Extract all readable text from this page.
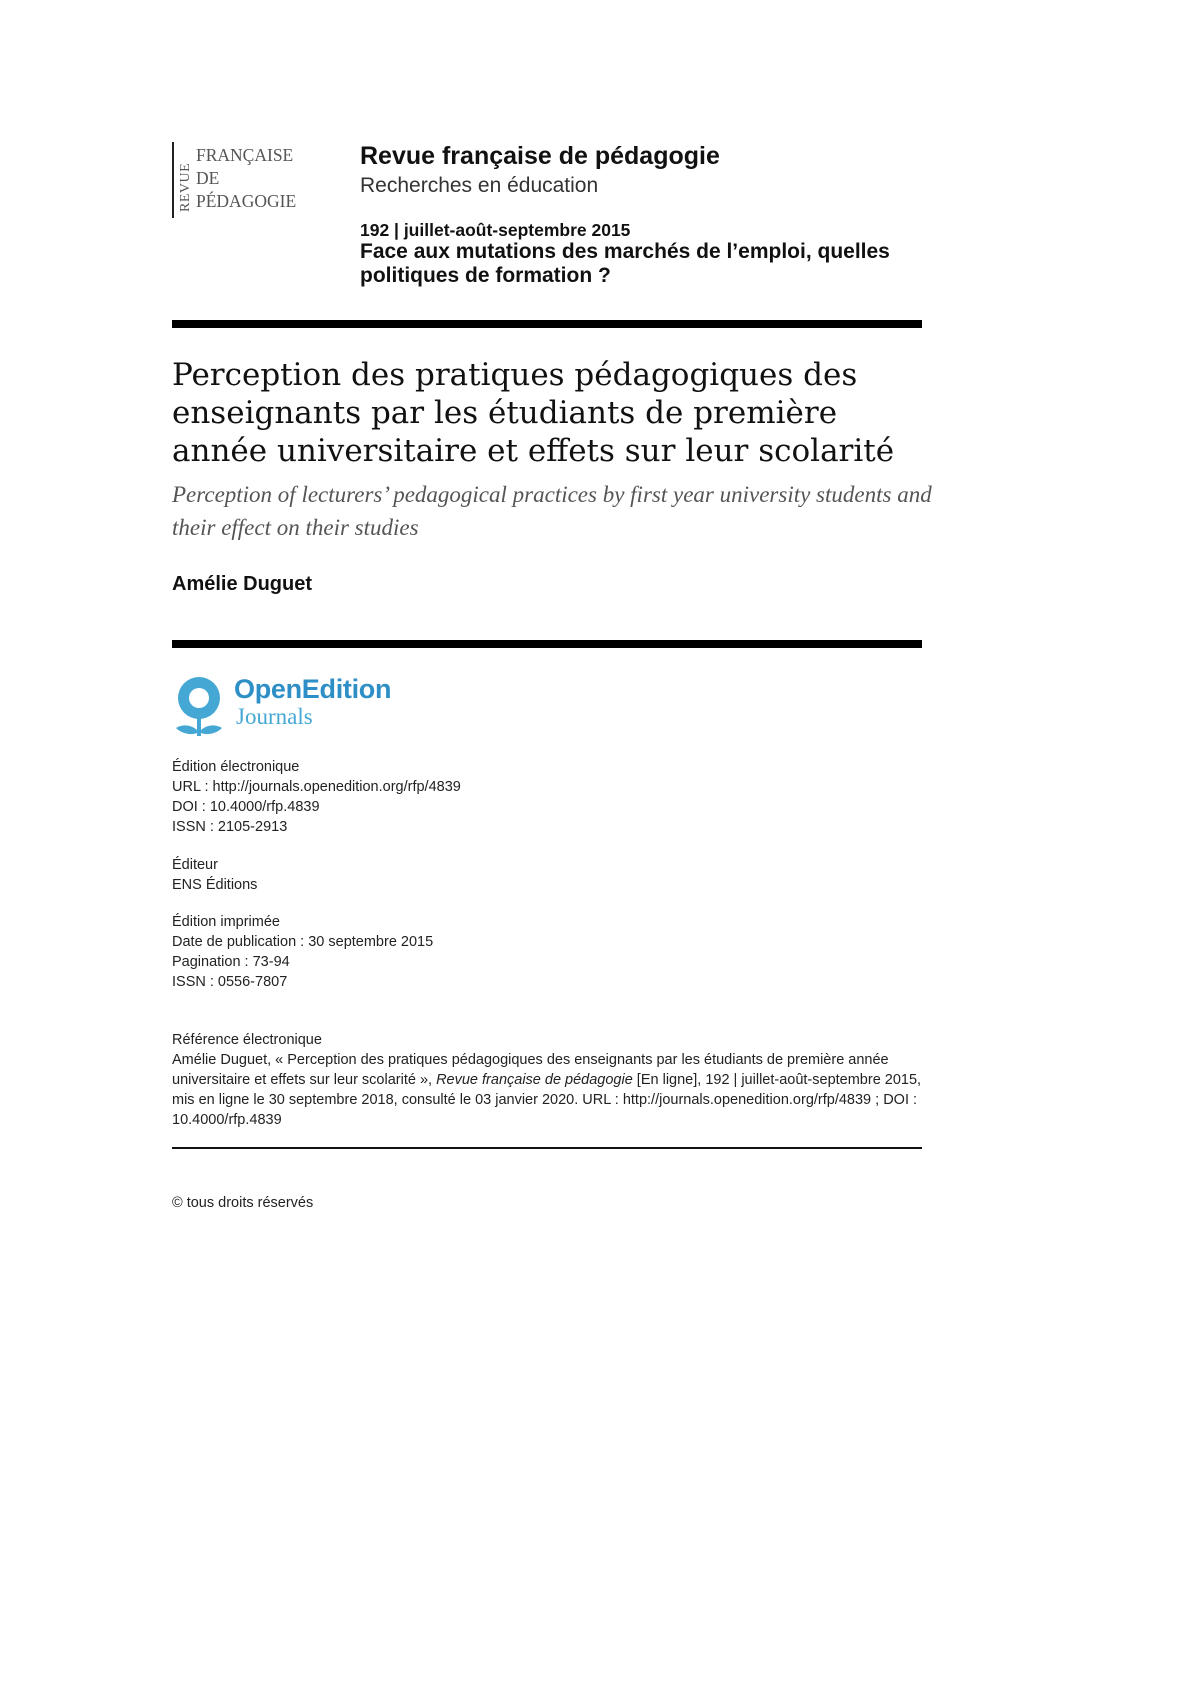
REVUE
FRANÇAISE
DE
PÉDAGOGIE
Revue française de pédagogie
Recherches en éducation
192 | juillet-août-septembre 2015
Face aux mutations des marchés de l’emploi, quelles politiques de formation ?
Perception des pratiques pédagogiques des enseignants par les étudiants de première année universitaire et effets sur leur scolarité
Perception of lecturers’ pedagogical practices by first year university students and their effect on their studies
Amélie Duguet
OpenEdition
Journals
Édition électronique
URL : http://journals.openedition.org/rfp/4839
DOI : 10.4000/rfp.4839
ISSN : 2105-2913
Éditeur
ENS Éditions
Édition imprimée
Date de publication : 30 septembre 2015
Pagination : 73-94
ISSN : 0556-7807
Référence électronique
Amélie Duguet, « Perception des pratiques pédagogiques des enseignants par les étudiants de première année universitaire et effets sur leur scolarité », Revue française de pédagogie [En ligne], 192 | juillet-août-septembre 2015, mis en ligne le 30 septembre 2018, consulté le 03 janvier 2020. URL : http://journals.openedition.org/rfp/4839 ; DOI : 10.4000/rfp.4839
© tous droits réservés
